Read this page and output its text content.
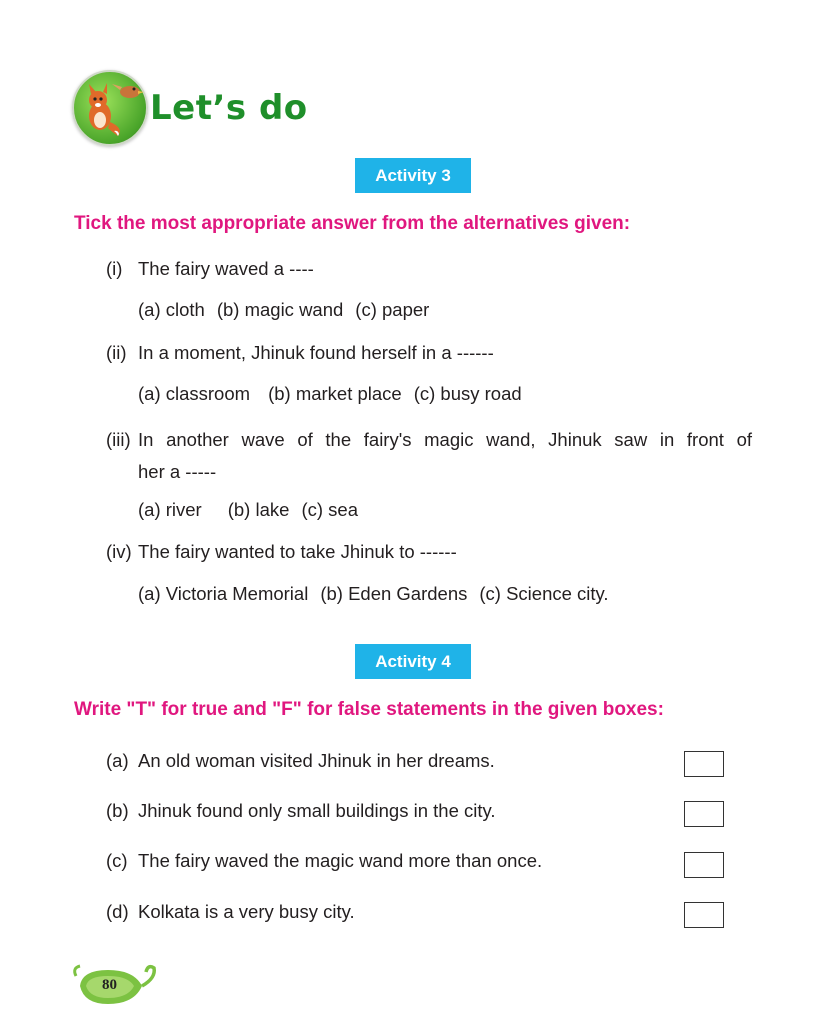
Let’s do
Activity 3
Tick the most appropriate answer from the alternatives given:
(i) The fairy waved a ----
(a) cloth (b) magic wand (c) paper
(ii) In a moment, Jhinuk found herself in a ------
(a) classroom (b) market place (c) busy road
(iii) In another wave of the fairy's magic wand, Jhinuk saw in front of
her a -----
(a) river (b) lake (c) sea
(iv) The fairy wanted to take Jhinuk to ------
(a) Victoria Memorial (b) Eden Gardens (c) Science city.
Activity 4
Write "T" for true and "F" for false statements in the given boxes:
(a) An old woman visited Jhinuk in her dreams.
(b) Jhinuk found only small buildings in the city.
(c) The fairy waved the magic wand more than once.
(d) Kolkata is a very busy city.
80
